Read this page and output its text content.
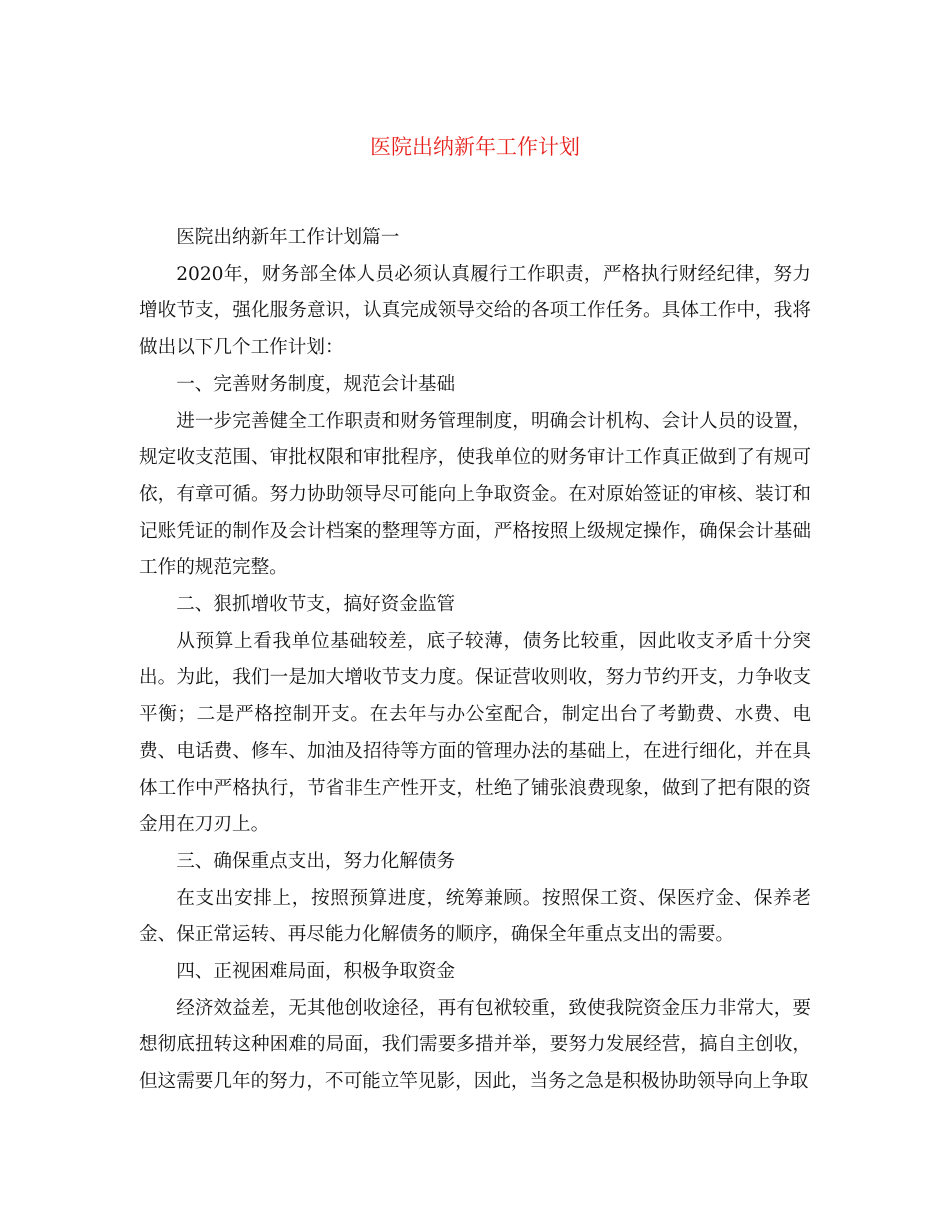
医院出纳新年工作计划

医院出纳新年工作计划篇一

2020年，财务部全体人员必须认真履行工作职责，严格执行财经纪律，努力增收节支，强化服务意识，认真完成领导交给的各项工作任务。具体工作中，我将做出以下几个工作计划：

一、完善财务制度，规范会计基础

进一步完善健全工作职责和财务管理制度，明确会计机构、会计人员的设置，规定收支范围、审批权限和审批程序，使我单位的财务审计工作真正做到了有规可依，有章可循。努力协助领导尽可能向上争取资金。在对原始签证的审核、装订和记账凭证的制作及会计档案的整理等方面，严格按照上级规定操作，确保会计基础工作的规范完整。

二、狠抓增收节支，搞好资金监管

从预算上看我单位基础较差，底子较薄，债务比较重，因此收支矛盾十分突出。为此，我们一是加大增收节支力度。保证营收则收，努力节约开支，力争收支平衡；二是严格控制开支。在去年与办公室配合，制定出台了考勤费、水费、电费、电话费、修车、加油及招待等方面的管理办法的基础上，在进行细化，并在具体工作中严格执行，节省非生产性开支，杜绝了铺张浪费现象，做到了把有限的资金用在刀刃上。

三、确保重点支出，努力化解债务

在支出安排上，按照预算进度，统筹兼顾。按照保工资、保医疗金、保养老金、保正常运转、再尽能力化解债务的顺序，确保全年重点支出的需要。

四、正视困难局面，积极争取资金

经济效益差，无其他创收途径，再有包袱较重，致使我院资金压力非常大，要想彻底扭转这种困难的局面，我们需要多措并举，要努力发展经营，搞自主创收，但这需要几年的努力，不可能立竿见影，因此，当务之急是积极协助领导向上争取
